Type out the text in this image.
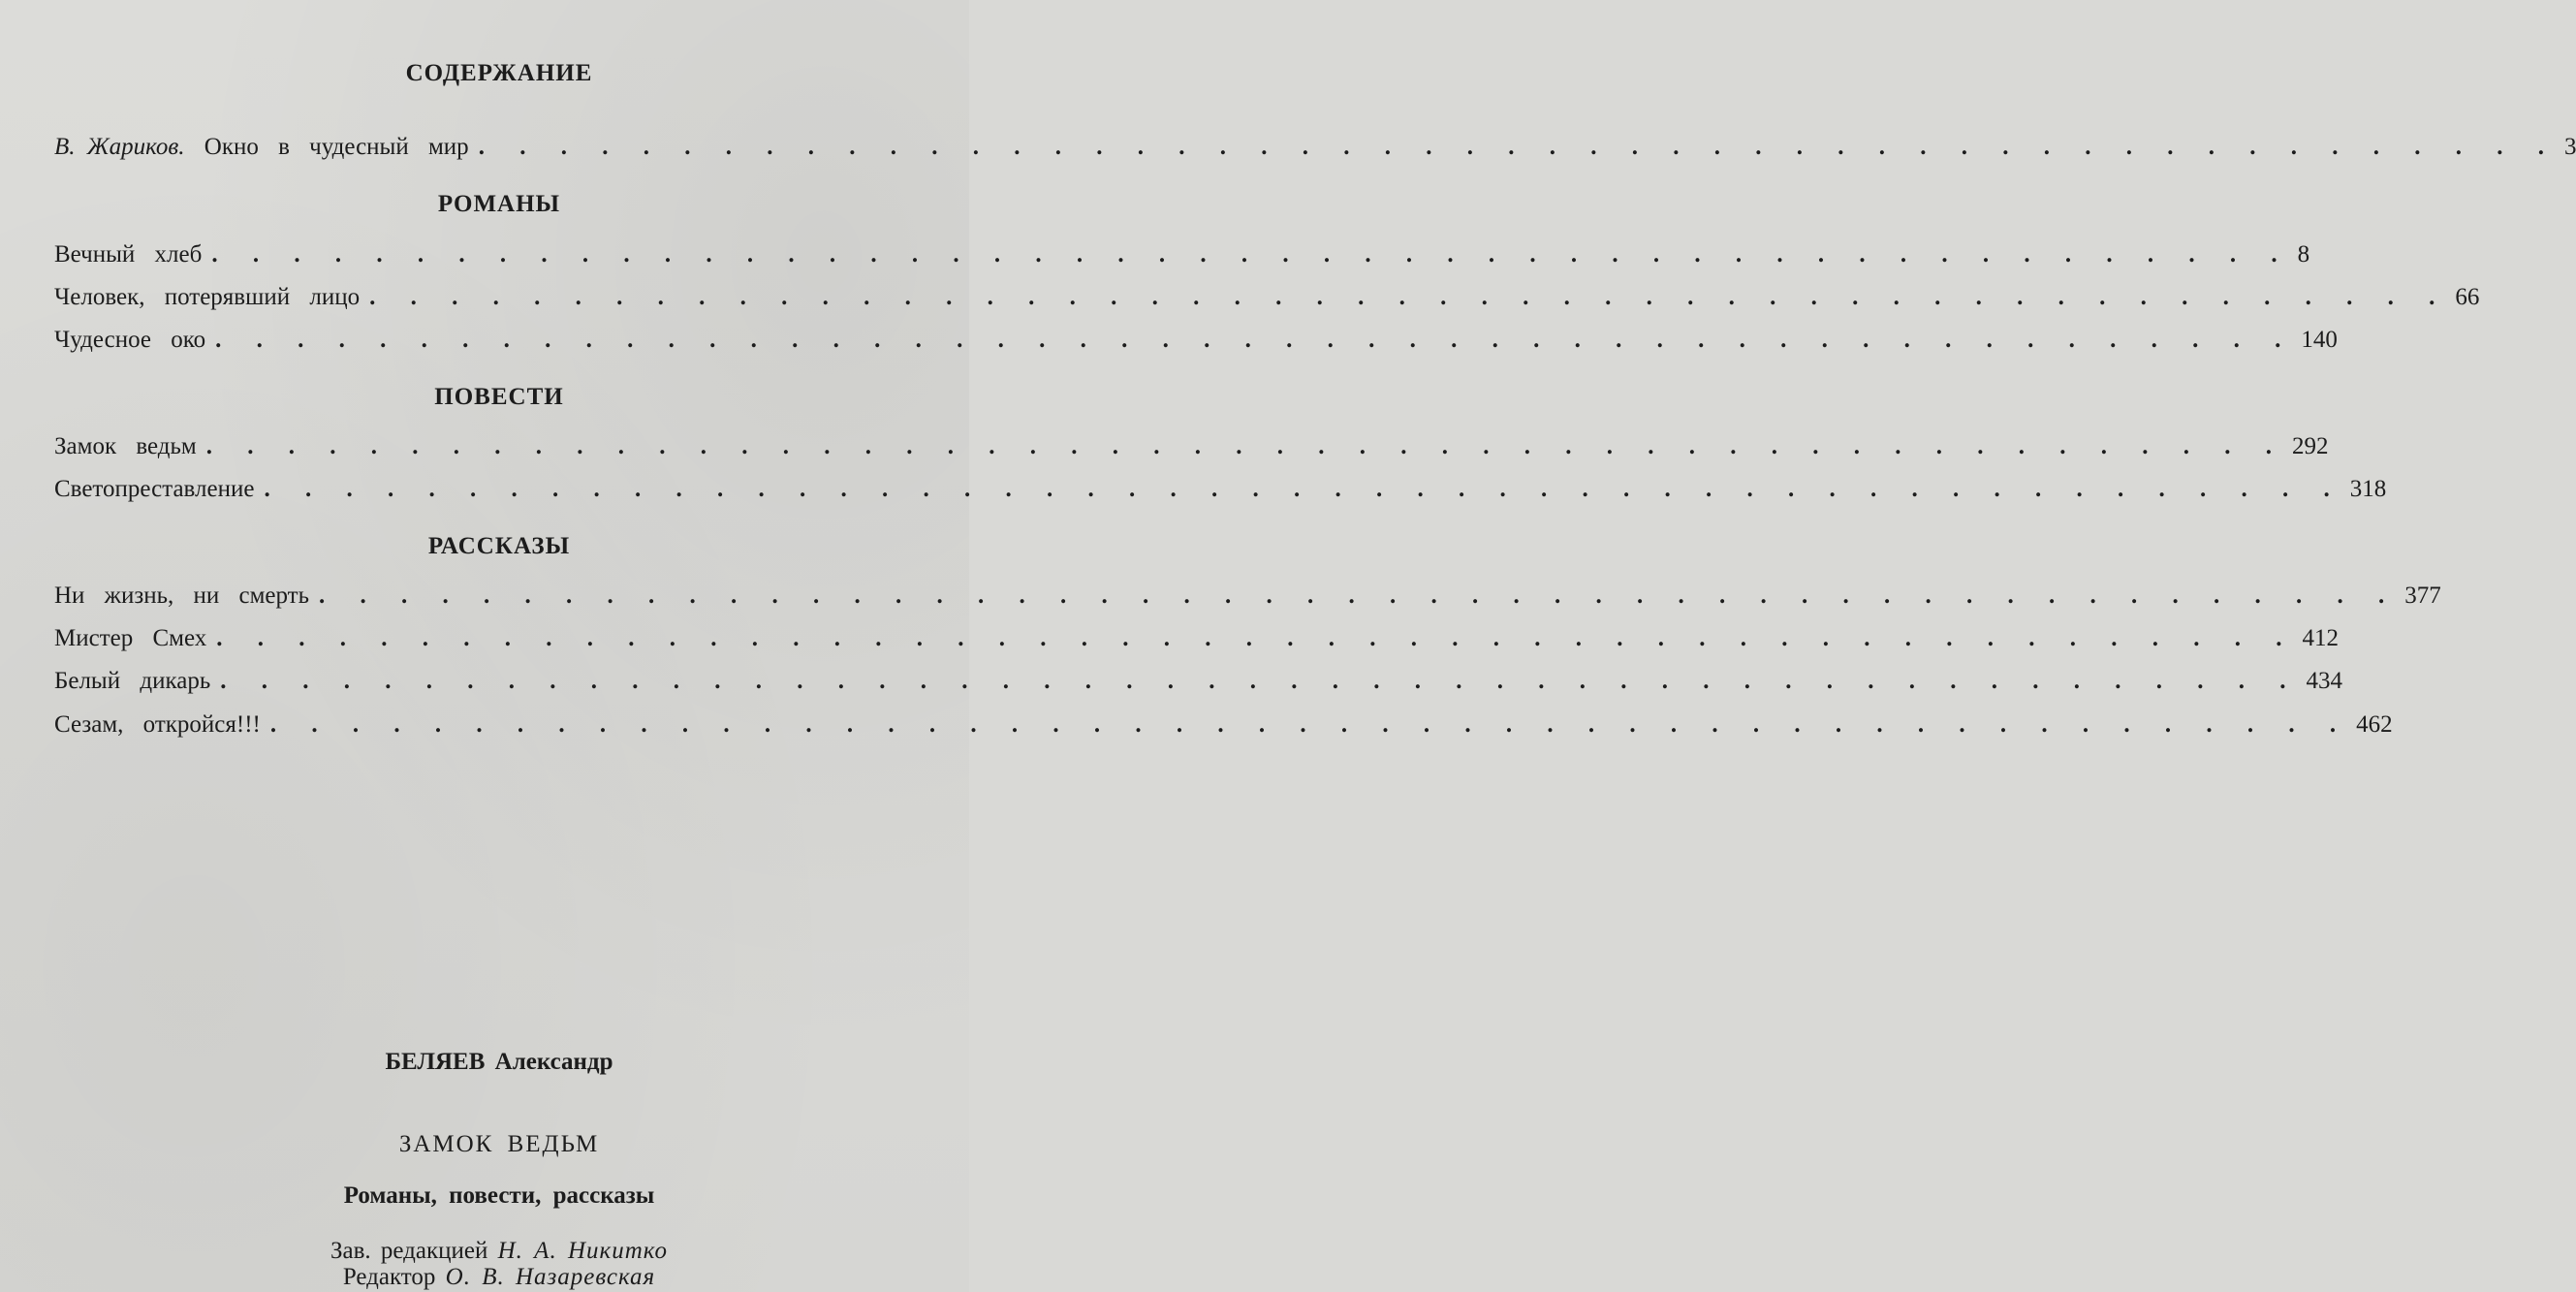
СОДЕРЖАНИЕ
В. Жариков. Окно в чудесный мир . . . . . . . . . . . . . . . . . . . . . . . . . . . . . . . . . . . . . . . . . . . . . . . . . . . 3
РОМАНЫ
Вечный хлеб . . . . . . . . . . . . . . . . . . . . . . . . . . . . . . . . . . . . . . . . . . . . . . . . . . . 8
Человек, потерявший лицо . . . . . . . . . . . . . . . . . . . . . . . . . . . . . . . . . . . . . . . . . . . . . . . . . . . 66
Чудесное око . . . . . . . . . . . . . . . . . . . . . . . . . . . . . . . . . . . . . . . . . . . . . . . . . . . 140
ПОВЕСТИ
Замок ведьм . . . . . . . . . . . . . . . . . . . . . . . . . . . . . . . . . . . . . . . . . . . . . . . . . . . 292
Светопреставление . . . . . . . . . . . . . . . . . . . . . . . . . . . . . . . . . . . . . . . . . . . . . . . . . . . 318
РАССКАЗЫ
Ни жизнь, ни смерть . . . . . . . . . . . . . . . . . . . . . . . . . . . . . . . . . . . . . . . . . . . . . . . . . . . 377
Мистер Смех . . . . . . . . . . . . . . . . . . . . . . . . . . . . . . . . . . . . . . . . . . . . . . . . . . . 412
Белый дикарь . . . . . . . . . . . . . . . . . . . . . . . . . . . . . . . . . . . . . . . . . . . . . . . . . . . 434
Сезам, откройся!!! . . . . . . . . . . . . . . . . . . . . . . . . . . . . . . . . . . . . . . . . . . . . . . . . . . . 462
БЕЛЯЕВ Александр
ЗАМОК ВЕДЬМ
Романы, повести, рассказы
Зав. редакцией Н. А. Никитко
Редактор О. В. Назаревская
